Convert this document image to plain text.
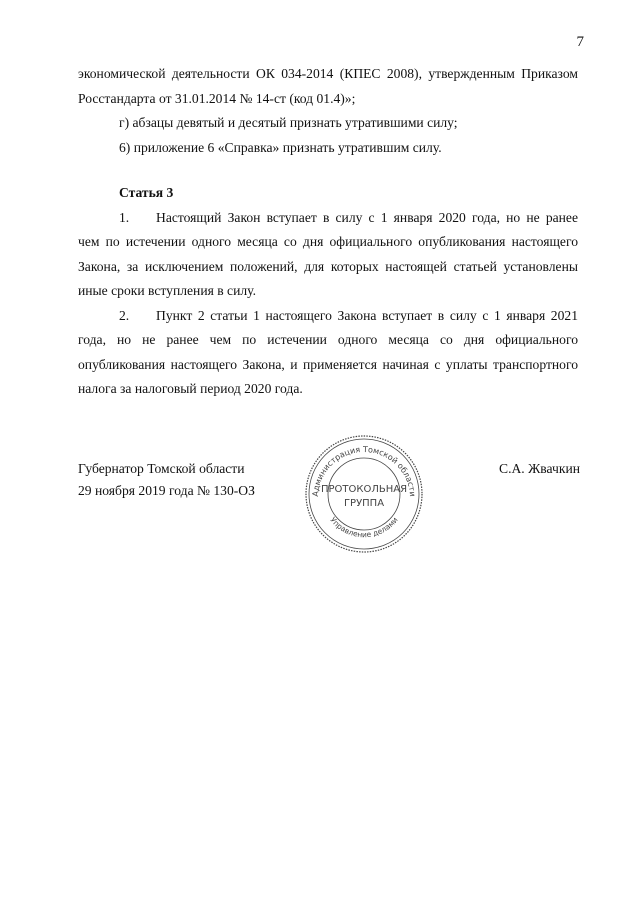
7
экономической деятельности ОК 034-2014 (КПЕС 2008), утвержденным Приказом
Росстандарта от 31.01.2014 № 14-ст (код 01.4)»;
г) абзацы девятый и десятый признать утратившими силу;
6) приложение 6 «Справка» признать утратившим силу.
Статья 3
1. Настоящий Закон вступает в силу с 1 января 2020 года, но не ранее
чем по истечении одного месяца со дня официального опубликования настоящего
Закона, за исключением положений, для которых настоящей статьей установлены
иные сроки вступления в силу.
2. Пункт 2 статьи 1 настоящего Закона вступает в силу с 1 января 2021
года, но не ранее чем по истечении одного месяца со дня официального
опубликования настоящего Закона, и применяется начиная с уплаты транспортного
налога за налоговый период 2020 года.
Губернатор Томской области
29 ноября 2019 года № 130-ОЗ
С.А. Жвачкин
Администрация Томской области
Управление делами
ПРОТОКОЛЬНАЯ
ГРУППА
